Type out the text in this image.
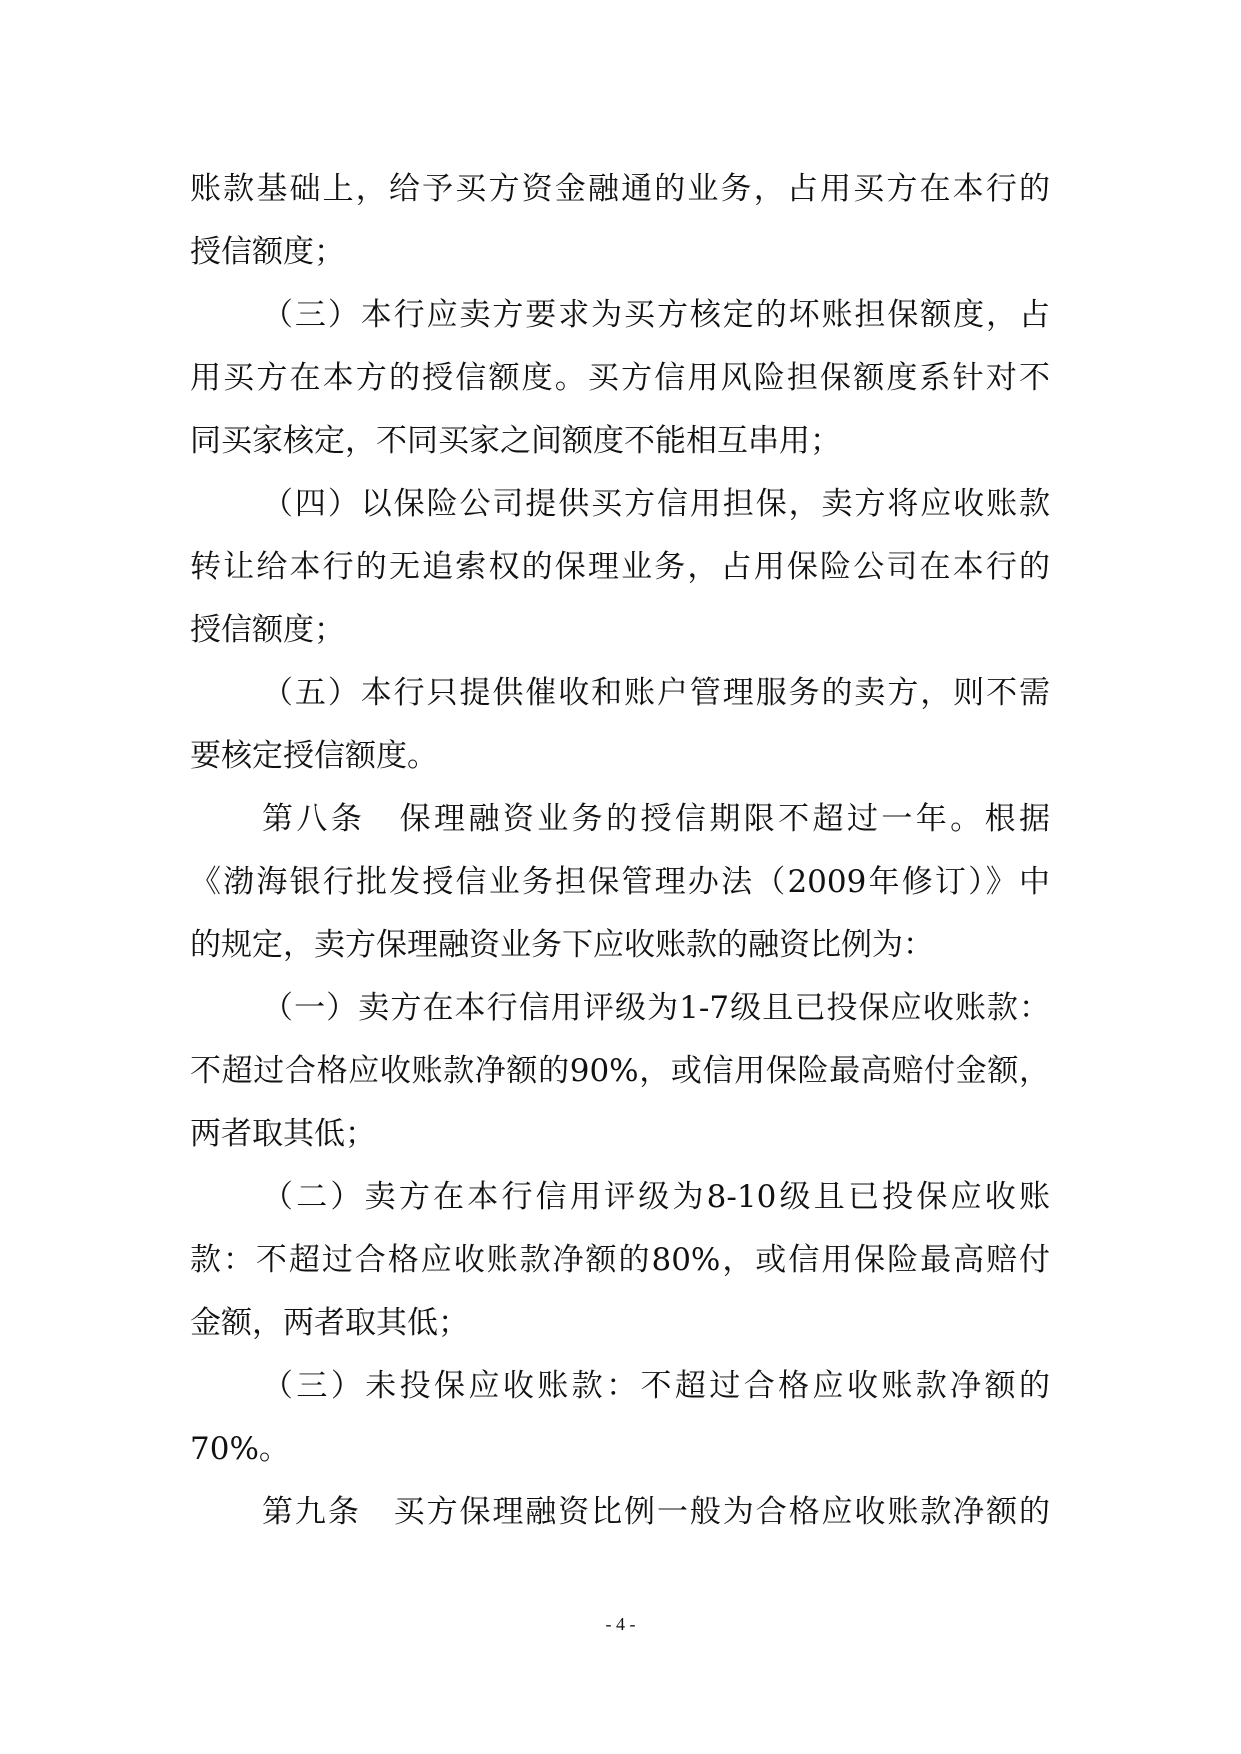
账款基础上，给予买方资金融通的业务，占用买方在本行的
授信额度；
（三）本行应卖方要求为买方核定的坏账担保额度，占
用买方在本方的授信额度。买方信用风险担保额度系针对不
同买家核定，不同买家之间额度不能相互串用；
（四）以保险公司提供买方信用担保，卖方将应收账款
转让给本行的无追索权的保理业务，占用保险公司在本行的
授信额度；
（五）本行只提供催收和账户管理服务的卖方，则不需
要核定授信额度。
第八条　保理融资业务的授信期限不超过一年。根据
《渤海银行批发授信业务担保管理办法（2009年修订）》中
的规定，卖方保理融资业务下应收账款的融资比例为：
（一）卖方在本行信用评级为1-7级且已投保应收账款：
不超过合格应收账款净额的90%，或信用保险最高赔付金额，
两者取其低；
（二）卖方在本行信用评级为8-10级且已投保应收账
款：不超过合格应收账款净额的80%，或信用保险最高赔付
金额，两者取其低；
（三）未投保应收账款：不超过合格应收账款净额的
70%。
第九条　买方保理融资比例一般为合格应收账款净额的
- 4 -
